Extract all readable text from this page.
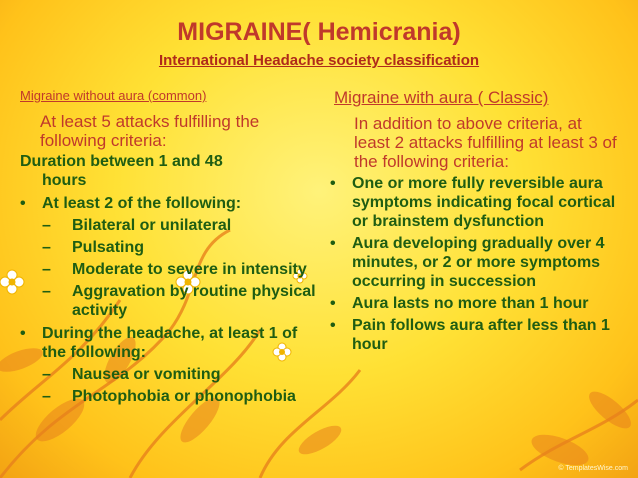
MIGRAINE( Hemicrania)
International Headache society classification
Migraine without aura (common)	Migraine with aura ( Classic)
At least 5 attacks fulfilling the following criteria:
Duration between 1 and 48
hours
• At least 2 of the following:
– Bilateral or unilateral
– Pulsating
– Moderate to severe in intensity
– Aggravation by routine physical activity
• During the headache, at least 1 of the following:
– Nausea or vomiting
– Photophobia or phonophobia
In addition to above criteria, at least 2 attacks fulfilling at least 3 of the following criteria:
• One or more fully reversible aura symptoms indicating focal cortical or brainstem dysfunction
• Aura developing gradually over 4 minutes, or 2 or more symptoms occurring in succession
• Aura lasts no more than 1 hour
• Pain follows aura after less than 1 hour
© TemplatesWise.com
